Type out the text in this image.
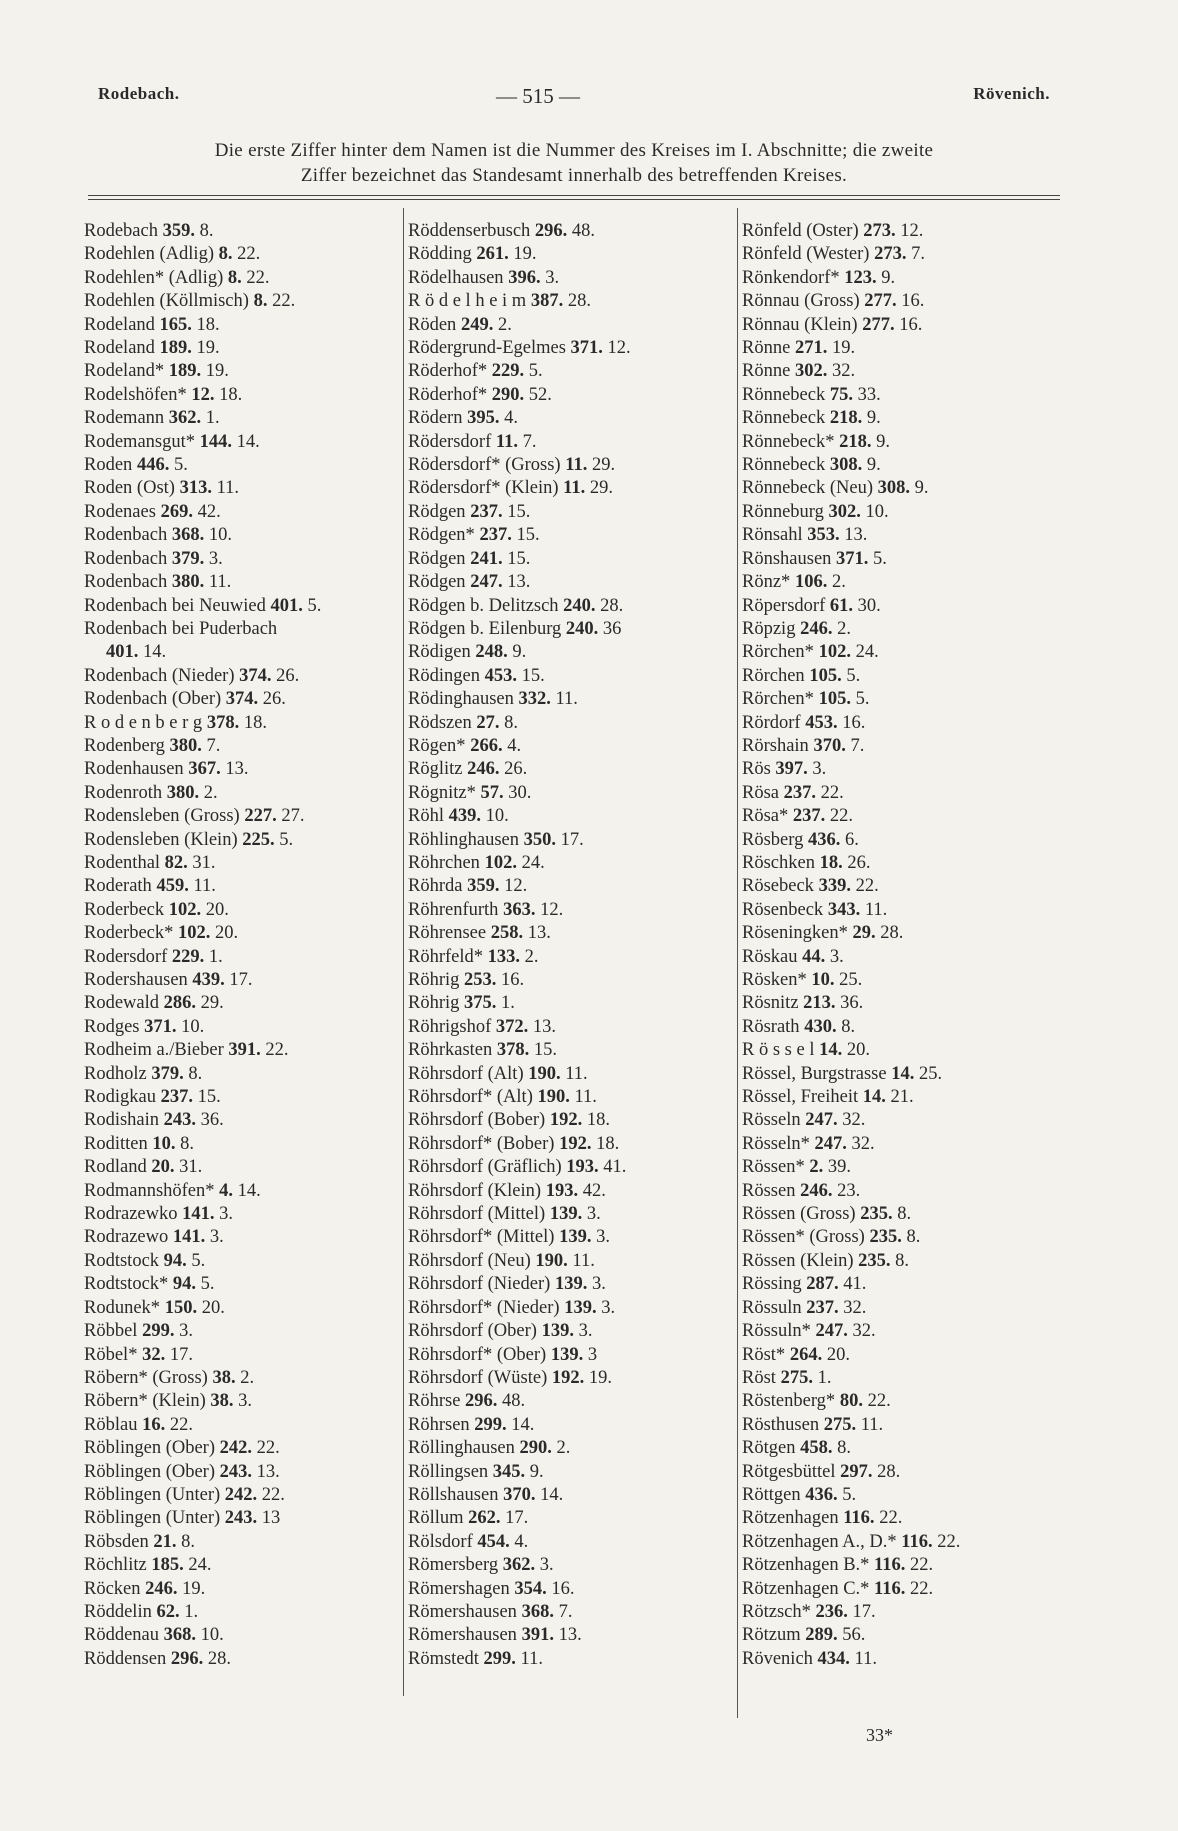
Rodebach.	— 515 —	Rövenich.
Die erste Ziffer hinter dem Namen ist die Nummer des Kreises im I. Abschnitte; die zweite
Ziffer bezeichnet das Standesamt innerhalb des betreffenden Kreises.
Rodebach 359. 8.
Rodehlen (Adlig) 8. 22.
Rodehlen* (Adlig) 8. 22.
Rodehlen (Köllmisch) 8. 22.
Rodeland 165. 18.
Rodeland 189. 19.
Rodeland* 189. 19.
Rodelshöfen* 12. 18.
Rodemann 362. 1.
Rodemansgut* 144. 14.
Roden 446. 5.
Roden (Ost) 313. 11.
Rodenaes 269. 42.
Rodenbach 368. 10.
Rodenbach 379. 3.
Rodenbach 380. 11.
Rodenbach bei Neuwied 401. 5.
Rodenbach bei Puderbach
401. 14.
Rodenbach (Nieder) 374. 26.
Rodenbach (Ober) 374. 26.
R o d e n b e r g 378. 18.
Rodenberg 380. 7.
Rodenhausen 367. 13.
Rodenroth 380. 2.
Rodensleben (Gross) 227. 27.
Rodensleben (Klein) 225. 5.
Rodenthal 82. 31.
Roderath 459. 11.
Roderbeck 102. 20.
Roderbeck* 102. 20.
Rodersdorf 229. 1.
Rodershausen 439. 17.
Rodewald 286. 29.
Rodges 371. 10.
Rodheim a./Bieber 391. 22.
Rodholz 379. 8.
Rodigkau 237. 15.
Rodishain 243. 36.
Roditten 10. 8.
Rodland 20. 31.
Rodmannshöfen* 4. 14.
Rodrazewko 141. 3.
Rodrazewo 141. 3.
Rodtstock 94. 5.
Rodtstock* 94. 5.
Rodunek* 150. 20.
Röbbel 299. 3.
Röbel* 32. 17.
Röbern* (Gross) 38. 2.
Röbern* (Klein) 38. 3.
Röblau 16. 22.
Röblingen (Ober) 242. 22.
Röblingen (Ober) 243. 13.
Röblingen (Unter) 242. 22.
Röblingen (Unter) 243. 13
Röbsden 21. 8.
Röchlitz 185. 24.
Röcken 246. 19.
Röddelin 62. 1.
Röddenau 368. 10.
Röddensen 296. 28.
Röddenserbusch 296. 48.
Rödding 261. 19.
Rödelhausen 396. 3.
R ö d e l h e i m 387. 28.
Röden 249. 2.
Rödergrund-Egelmes 371. 12.
Röderhof* 229. 5.
Röderhof* 290. 52.
Rödern 395. 4.
Rödersdorf 11. 7.
Rödersdorf* (Gross) 11. 29.
Rödersdorf* (Klein) 11. 29.
Rödgen 237. 15.
Rödgen* 237. 15.
Rödgen 241. 15.
Rödgen 247. 13.
Rödgen b. Delitzsch 240. 28.
Rödgen b. Eilenburg 240. 36
Rödigen 248. 9.
Rödingen 453. 15.
Rödinghausen 332. 11.
Rödszen 27. 8.
Rögen* 266. 4.
Röglitz 246. 26.
Rögnitz* 57. 30.
Röhl 439. 10.
Röhlinghausen 350. 17.
Röhrchen 102. 24.
Röhrda 359. 12.
Röhrenfurth 363. 12.
Röhrensee 258. 13.
Röhrfeld* 133. 2.
Röhrig 253. 16.
Röhrig 375. 1.
Röhrigshof 372. 13.
Röhrkasten 378. 15.
Röhrsdorf (Alt) 190. 11.
Röhrsdorf* (Alt) 190. 11.
Röhrsdorf (Bober) 192. 18.
Röhrsdorf* (Bober) 192. 18.
Röhrsdorf (Gräflich) 193. 41.
Röhrsdorf (Klein) 193. 42.
Röhrsdorf (Mittel) 139. 3.
Röhrsdorf* (Mittel) 139. 3.
Röhrsdorf (Neu) 190. 11.
Röhrsdorf (Nieder) 139. 3.
Röhrsdorf* (Nieder) 139. 3.
Röhrsdorf (Ober) 139. 3.
Röhrsdorf* (Ober) 139. 3
Röhrsdorf (Wüste) 192. 19.
Röhrse 296. 48.
Röhrsen 299. 14.
Röllinghausen 290. 2.
Röllingsen 345. 9.
Röllshausen 370. 14.
Röllum 262. 17.
Rölsdorf 454. 4.
Römersberg 362. 3.
Römershagen 354. 16.
Römershausen 368. 7.
Römershausen 391. 13.
Römstedt 299. 11.
Rönfeld (Oster) 273. 12.
Rönfeld (Wester) 273. 7.
Rönkendorf* 123. 9.
Rönnau (Gross) 277. 16.
Rönnau (Klein) 277. 16.
Rönne 271. 19.
Rönne 302. 32.
Rönnebeck 75. 33.
Rönnebeck 218. 9.
Rönnebeck* 218. 9.
Rönnebeck 308. 9.
Rönnebeck (Neu) 308. 9.
Rönneburg 302. 10.
Rönsahl 353. 13.
Rönshausen 371. 5.
Rönz* 106. 2.
Röpersdorf 61. 30.
Röpzig 246. 2.
Rörchen* 102. 24.
Rörchen 105. 5.
Rörchen* 105. 5.
Rördorf 453. 16.
Rörshain 370. 7.
Rös 397. 3.
Rösa 237. 22.
Rösa* 237. 22.
Rösberg 436. 6.
Röschken 18. 26.
Rösebeck 339. 22.
Rösenbeck 343. 11.
Röseningken* 29. 28.
Röskau 44. 3.
Rösken* 10. 25.
Rösnitz 213. 36.
Rösrath 430. 8.
R ö s s e l 14. 20.
Rössel, Burgstrasse 14. 25.
Rössel, Freiheit 14. 21.
Rösseln 247. 32.
Rösseln* 247. 32.
Rössen* 2. 39.
Rössen 246. 23.
Rössen (Gross) 235. 8.
Rössen* (Gross) 235. 8.
Rössen (Klein) 235. 8.
Rössing 287. 41.
Rössuln 237. 32.
Rössuln* 247. 32.
Röst* 264. 20.
Röst 275. 1.
Röstenberg* 80. 22.
Rösthusen 275. 11.
Rötgen 458. 8.
Rötgesbüttel 297. 28.
Röttgen 436. 5.
Rötzenhagen 116. 22.
Rötzenhagen A., D.* 116. 22.
Rötzenhagen B.* 116. 22.
Rötzenhagen C.* 116. 22.
Rötzsch* 236. 17.
Rötzum 289. 56.
Rövenich 434. 11.
33*
